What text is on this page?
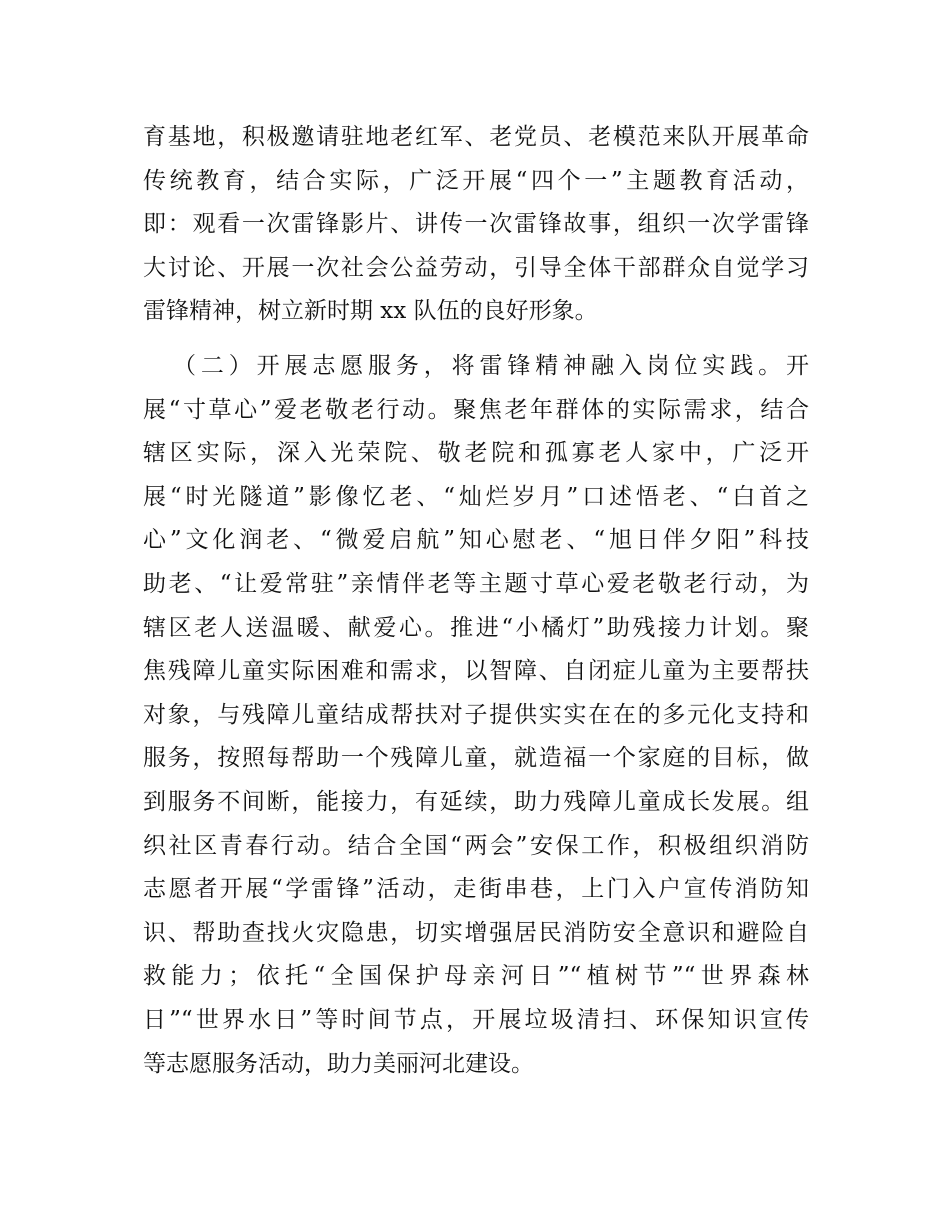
育基地，积极邀请驻地老红军、老党员、老模范来队开展革命
传统教育，结合实际，广泛开展“四个一”主题教育活动，
即：观看一次雷锋影片、讲传一次雷锋故事，组织一次学雷锋
大讨论、开展一次社会公益劳动，引导全体干部群众自觉学习
雷锋精神，树立新时期 xx 队伍的良好形象。
（二）开展志愿服务，将雷锋精神融入岗位实践。开
展“寸草心”爱老敬老行动。聚焦老年群体的实际需求，结合
辖区实际，深入光荣院、敬老院和孤寡老人家中，广泛开
展“时光隧道”影像忆老、“灿烂岁月”口述悟老、“白首之
心”文化润老、“微爱启航”知心慰老、“旭日伴夕阳”科技
助老、“让爱常驻”亲情伴老等主题寸草心爱老敬老行动，为
辖区老人送温暖、献爱心。推进“小橘灯”助残接力计划。聚
焦残障儿童实际困难和需求，以智障、自闭症儿童为主要帮扶
对象，与残障儿童结成帮扶对子提供实实在在的多元化支持和
服务，按照每帮助一个残障儿童，就造福一个家庭的目标，做
到服务不间断，能接力，有延续，助力残障儿童成长发展。组
织社区青春行动。结合全国“两会”安保工作，积极组织消防
志愿者开展“学雷锋”活动，走街串巷，上门入户宣传消防知
识、帮助查找火灾隐患，切实增强居民消防安全意识和避险自
救能力；依托“全国保护母亲河日”“植树节”“世界森林
日”“世界水日”等时间节点，开展垃圾清扫、环保知识宣传
等志愿服务活动，助力美丽河北建设。
